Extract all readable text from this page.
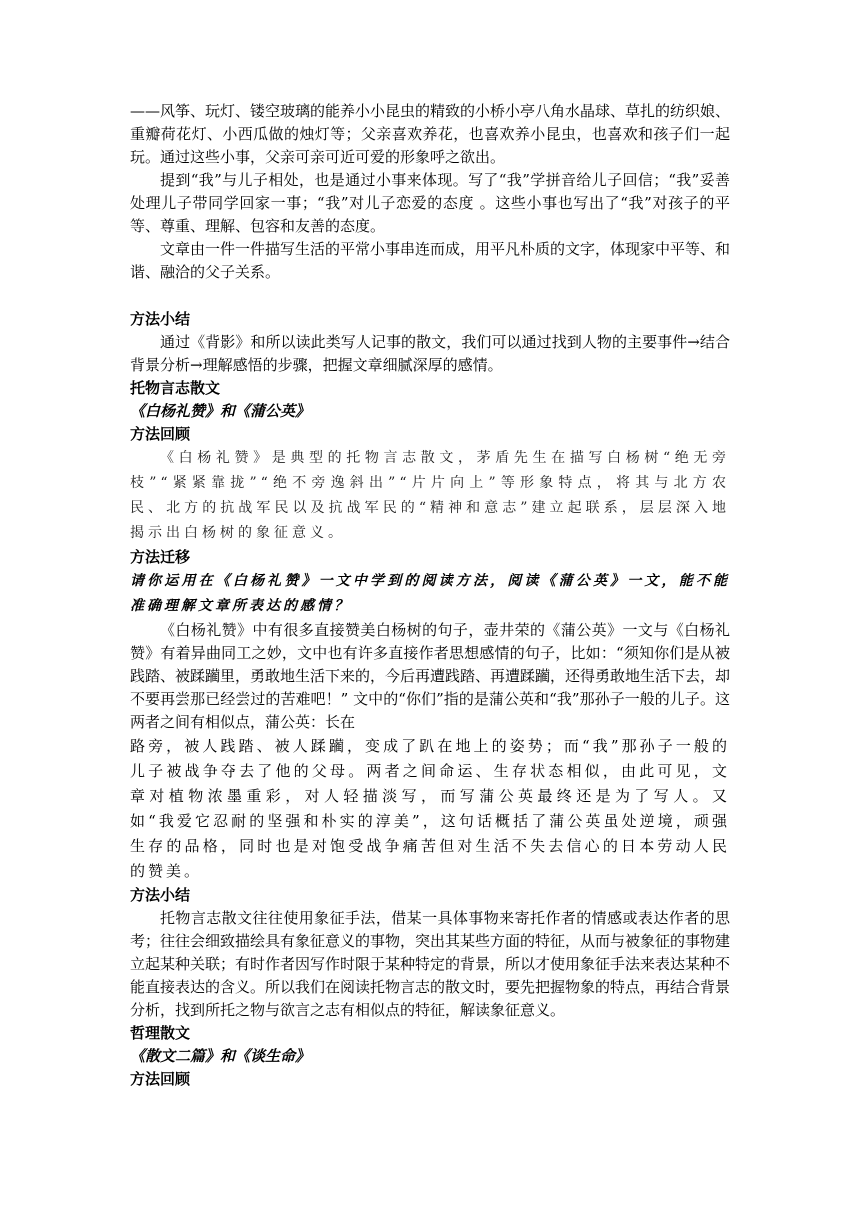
——风筝、玩灯、镂空玻璃的能养小小昆虫的精致的小桥小亭八角水晶球、草扎的纺织娘、重瓣荷花灯、小西瓜做的烛灯等；父亲喜欢养花，也喜欢养小昆虫，也喜欢和孩子们一起玩。通过这些小事，父亲可亲可近可爱的形象呼之欲出。

提到“我”与儿子相处，也是通过小事来体现。写了“我”学拼音给儿子回信；“我”妥善处理儿子带同学回家一事；“我”对儿子恋爱的态度 。这些小事也写出了“我”对孩子的平等、尊重、理解、包容和友善的态度。

文章由一件一件描写生活的平常小事串连而成，用平凡朴质的文字，体现家中平等、和谐、融洽的父子关系。

方法小结

通过《背影》和所以读此类写人记事的散文，我们可以通过找到人物的主要事件→结合背景分析→理解感悟的步骤，把握文章细腻深厚的感情。

托物言志散文

《白杨礼赞》和《蒲公英》

方法回顾

《白杨礼赞》是典型的托物言志散文，茅盾先生在描写白杨树“绝无旁枝”“紧紧靠拢”“绝不旁逸斜出”“片片向上”等形象特点，将其与北方农民、北方的抗战军民以及抗战军民的“精神和意志”建立起联系，层层深入地揭示出白杨树的象征意义。

方法迁移

请你运用在《白杨礼赞》一文中学到的阅读方法，阅读《蒲公英》一文，能不能准确理解文章所表达的感情？

《白杨礼赞》中有很多直接赞美白杨树的句子，壶井荣的《蒲公英》一文与《白杨礼赞》有着异曲同工之妙，文中也有许多直接作者思想感情的句子，比如：“须知你们是从被践踏、被蹂躏里，勇敢地生活下来的，今后再遭践踏、再遭蹂躏，还得勇敢地生活下去，却不要再尝那已经尝过的苦难吧！” 文中的“你们”指的是蒲公英和“我”那孙子一般的儿子。这两者之间有相似点，蒲公英：长在

路旁，被人践踏、被人蹂躏，变成了趴在地上的姿势；而“我”那孙子一般的儿子被战争夺去了他的父母。两者之间命运、生存状态相似，由此可见，文章对植物浓墨重彩，对人轻描淡写，而写蒲公英最终还是为了写人。又如“我爱它忍耐的坚强和朴实的淳美”，这句话概括了蒲公英虽处逆境，顽强生存的品格，同时也是对饱受战争痛苦但对生活不失去信心的日本劳动人民的赞美。

方法小结

托物言志散文往往使用象征手法，借某一具体事物来寄托作者的情感或表达作者的思考；往往会细致描绘具有象征意义的事物，突出其某些方面的特征，从而与被象征的事物建立起某种关联；有时作者因写作时限于某种特定的背景，所以才使用象征手法来表达某种不能直接表达的含义。所以我们在阅读托物言志的散文时，要先把握物象的特点，再结合背景分析，找到所托之物与欲言之志有相似点的特征，解读象征意义。

哲理散文

《散文二篇》和《谈生命》

方法回顾
